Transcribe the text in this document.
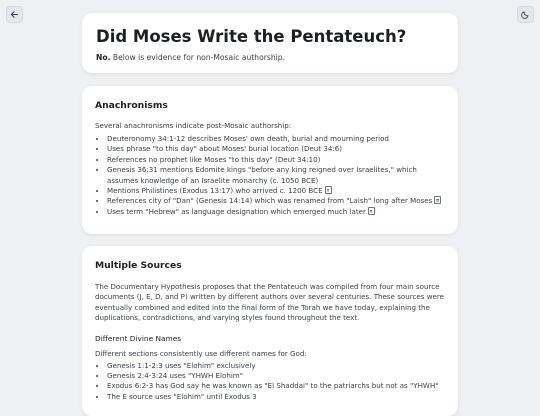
Did Moses Write the Pentateuch?

No. Below is evidence for non-Mosaic authorship.

Anachronisms

Several anachronisms indicate post-Mosaic authorship:

• Deuteronomy 34:1-12 describes Moses' own death, burial and mourning period
• Uses phrase "to this day" about Moses' burial location (Deut 34:6)
• References no prophet like Moses "to this day" (Deut 34:10)
• Genesis 36:31 mentions Edomite kings "before any king reigned over Israelites," which assumes knowledge of an Israelite monarchy (c. 1050 BCE)
• Mentions Philistines (Exodus 13:17) who arrived c. 1200 BCE
• References city of "Dan" (Genesis 14:14) which was renamed from "Laish" long after Moses
• Uses term "Hebrew" as language designation which emerged much later
Multiple Sources

The Documentary Hypothesis proposes that the Pentateuch was compiled from four main source documents (J, E, D, and P) written by different authors over several centuries. These sources were eventually combined and edited into the final form of the Torah we have today, explaining the duplications, contradictions, and varying styles found throughout the text.

Different Divine Names

Different sections consistently use different names for God:

• Genesis 1:1-2:3 uses "Elohim" exclusively
• Genesis 2:4-3:24 uses "YHWH Elohim"
• Exodus 6:2-3 has God say he was known as "El Shaddai" to the patriarchs but not as "YHWH"
• The E source uses "Elohim" until Exodus 3
